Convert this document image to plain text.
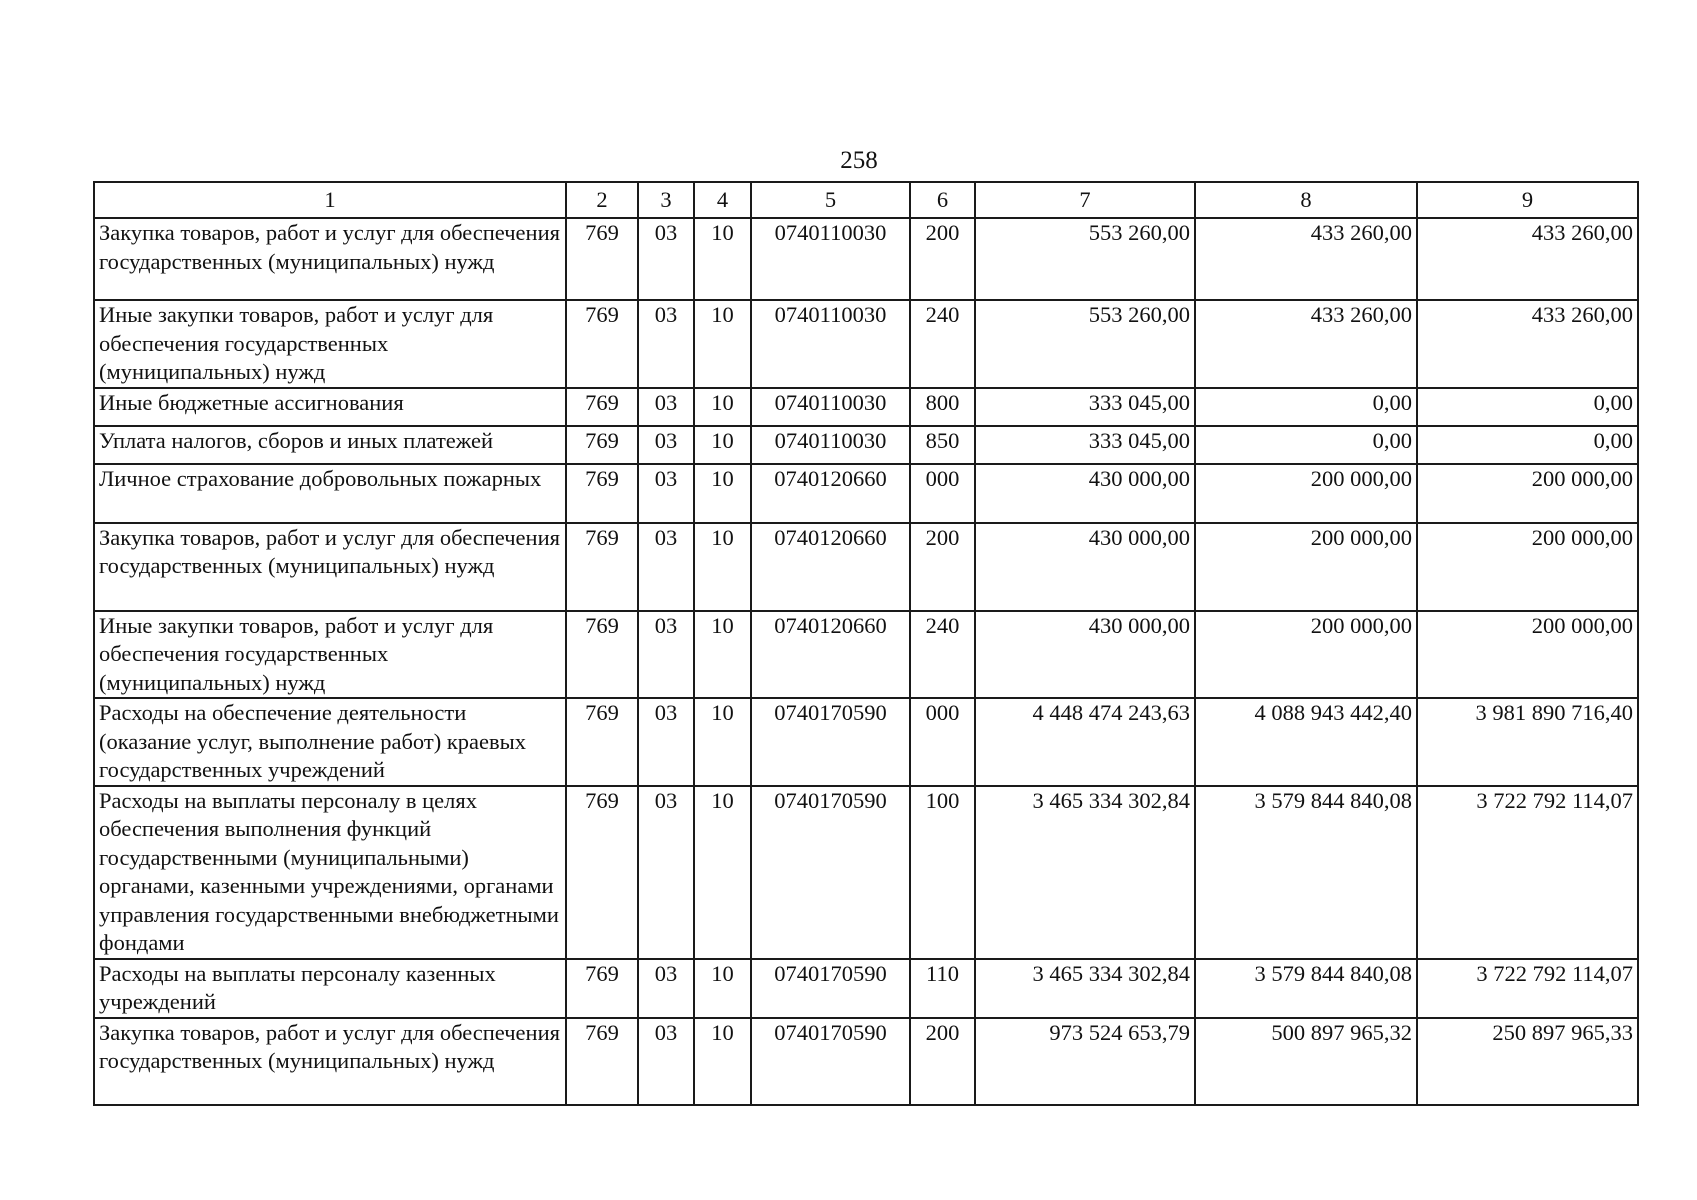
258
1	2	3	4	5	6	7	8	9
Закупка товаров, работ и услуг для обеспечения государственных (муниципальных) нужд	769	03	10	0740110030	200	553 260,00	433 260,00	433 260,00
Иные закупки товаров, работ и услуг для обеспечения государственных (муниципальных) нужд	769	03	10	0740110030	240	553 260,00	433 260,00	433 260,00
Иные бюджетные ассигнования	769	03	10	0740110030	800	333 045,00	0,00	0,00
Уплата налогов, сборов и иных платежей	769	03	10	0740110030	850	333 045,00	0,00	0,00
Личное страхование добровольных пожарных	769	03	10	0740120660	000	430 000,00	200 000,00	200 000,00
Закупка товаров, работ и услуг для обеспечения государственных (муниципальных) нужд	769	03	10	0740120660	200	430 000,00	200 000,00	200 000,00
Иные закупки товаров, работ и услуг для обеспечения государственных (муниципальных) нужд	769	03	10	0740120660	240	430 000,00	200 000,00	200 000,00
Расходы на обеспечение деятельности (оказание услуг, выполнение работ) краевых государственных учреждений	769	03	10	0740170590	000	4 448 474 243,63	4 088 943 442,40	3 981 890 716,40
Расходы на выплаты персоналу в целях обеспечения выполнения функций государственными (муниципальными) органами, казенными учреждениями, органами управления государственными внебюджетными фондами	769	03	10	0740170590	100	3 465 334 302,84	3 579 844 840,08	3 722 792 114,07
Расходы на выплаты персоналу казенных учреждений	769	03	10	0740170590	110	3 465 334 302,84	3 579 844 840,08	3 722 792 114,07
Закупка товаров, работ и услуг для обеспечения государственных (муниципальных) нужд	769	03	10	0740170590	200	973 524 653,79	500 897 965,32	250 897 965,33
